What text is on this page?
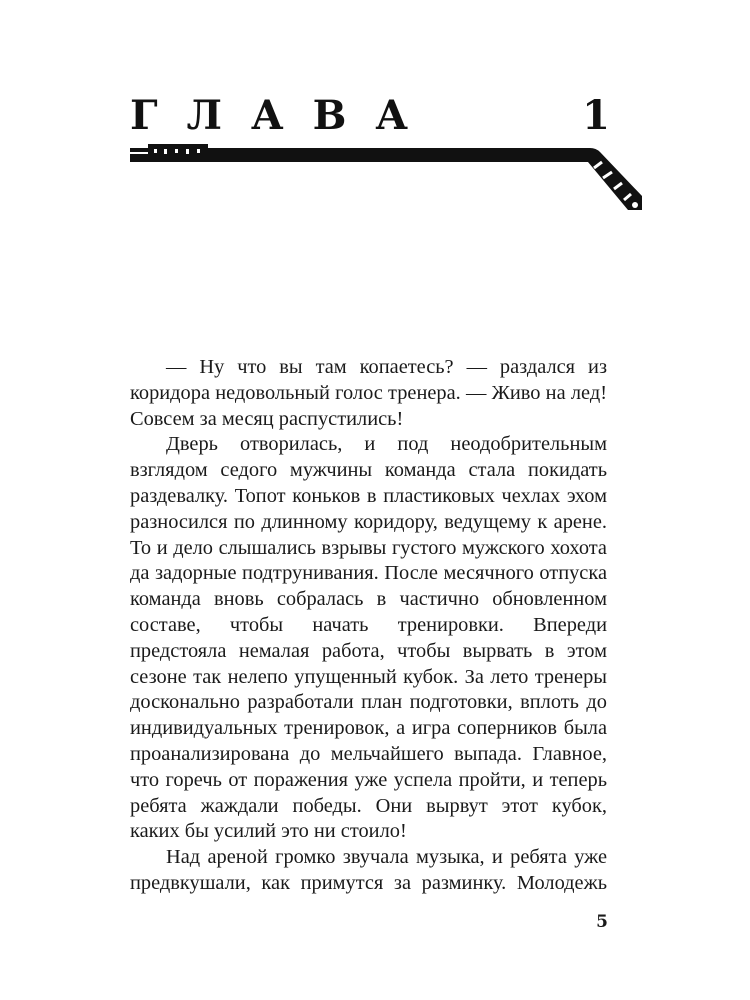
ГЛАВА	1

— Ну что вы там копаетесь? — раздался из коридора недовольный голос тренера. — Живо на лед! Совсем за месяц распустились!

Дверь отворилась, и под неодобрительным взглядом седого мужчины команда стала покидать раздевалку. Топот коньков в пластиковых чехлах эхом разносился по длинному коридору, ведущему к арене. То и дело слышались взрывы густого мужского хохота да задорные подтрунивания. После месячного отпуска команда вновь собралась в частично обновленном составе, чтобы начать тренировки. Впереди предстояла немалая работа, чтобы вырвать в этом сезоне так нелепо упущенный кубок. За лето тренеры досконально разработали план подготовки, вплоть до индивидуальных тренировок, а игра соперников была проанализирована до мельчайшего выпада. Главное, что горечь от поражения уже успела пройти, и теперь ребята жаждали победы. Они вырвут этот кубок, каких бы усилий это ни стоило!

Над ареной громко звучала музыка, и ребята уже предвкушали, как примутся за разминку. Молодежь

5
